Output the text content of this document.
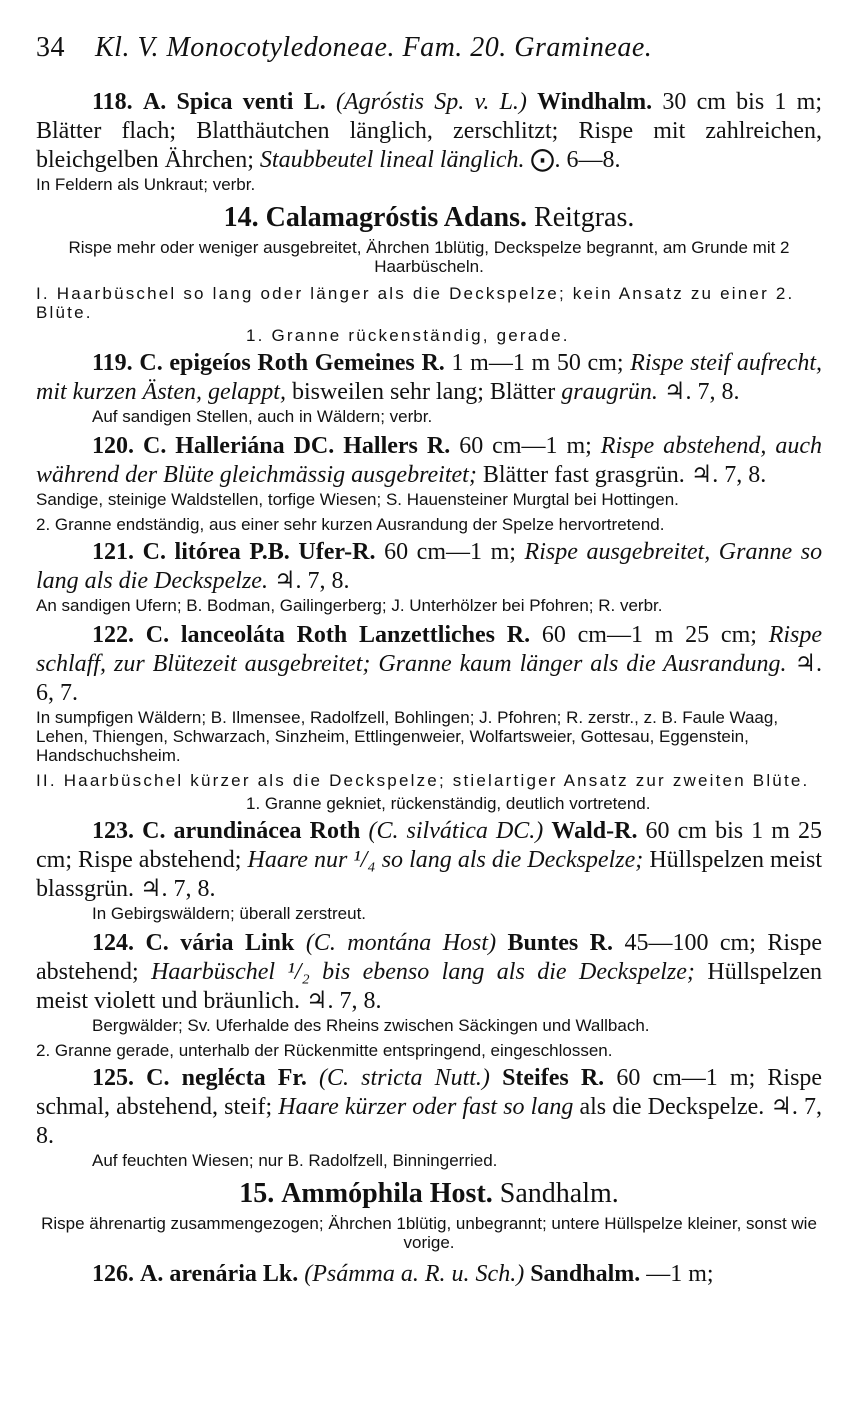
34 Kl. V. Monocotyledoneae. Fam. 20. Gramineae.

118. A. Spica venti L. (Agróstis Sp. v. L.) Windhalm. 30 cm bis 1 m; Blätter flach; Blatthäutchen länglich, zerschlitzt; Rispe mit zahlreichen, bleichgelben Ährchen; Staubbeutel lineal länglich. ⨀. 6—8.

In Feldern als Unkraut; verbr.

14. Calamagróstis Adans. Reitgras.

Rispe mehr oder weniger ausgebreitet, Ährchen 1blütig, Deckspelze begrannt, am Grunde mit 2 Haarbüscheln.

I. Haarbüschel so lang oder länger als die Deckspelze; kein Ansatz zu einer 2. Blüte.

1. Granne rückenständig, gerade.

119. C. epigeíos Roth Gemeines R. 1 m—1 m 50 cm; Rispe steif aufrecht, mit kurzen Ästen, gelappt, bisweilen sehr lang; Blätter graugrün. ♃. 7, 8.

Auf sandigen Stellen, auch in Wäldern; verbr.

120. C. Halleriána DC. Hallers R. 60 cm—1 m; Rispe abstehend, auch während der Blüte gleichmässig ausgebreitet; Blätter fast grasgrün. ♃. 7, 8.

Sandige, steinige Waldstellen, torfige Wiesen; S. Hauensteiner Murgtal bei Hottingen.

2. Granne endständig, aus einer sehr kurzen Ausrandung der Spelze hervortretend.

121. C. litórea P.B. Ufer-R. 60 cm—1 m; Rispe ausgebreitet, Granne so lang als die Deckspelze. ♃. 7, 8.

An sandigen Ufern; B. Bodman, Gailingerberg; J. Unterhölzer bei Pfohren; R. verbr.

122. C. lanceoláta Roth Lanzettliches R. 60 cm—1 m 25 cm; Rispe schlaff, zur Blütezeit ausgebreitet; Granne kaum länger als die Ausrandung. ♃. 6, 7.

In sumpfigen Wäldern; B. Ilmensee, Radolfzell, Bohlingen; J. Pfohren; R. zerstr., z. B. Faule Waag, Lehen, Thiengen, Schwarzach, Sinzheim, Ettlingenweier, Wolfartsweier, Gottesau, Eggenstein, Handschuchsheim.

II. Haarbüschel kürzer als die Deckspelze; stielartiger Ansatz zur zweiten Blüte.

1. Granne gekniet, rückenständig, deutlich vortretend.

123. C. arundinácea Roth (C. silvática DC.) Wald-R. 60 cm bis 1 m 25 cm; Rispe abstehend; Haare nur ¹/₄ so lang als die Deckspelze; Hüllspelzen meist blassgrün. ♃. 7, 8.

In Gebirgswäldern; überall zerstreut.

124. C. vária Link (C. montána Host) Buntes R. 45—100 cm; Rispe abstehend; Haarbüschel ¹/₂ bis ebenso lang als die Deckspelze; Hüllspelzen meist violett und bräunlich. ♃. 7, 8.

Bergwälder; Sv. Uferhalde des Rheins zwischen Säckingen und Wallbach.

2. Granne gerade, unterhalb der Rückenmitte entspringend, eingeschlossen.

125. C. neglécta Fr. (C. stricta Nutt.) Steifes R. 60 cm—1 m; Rispe schmal, abstehend, steif; Haare kürzer oder fast so lang als die Deckspelze. ♃. 7, 8.

Auf feuchten Wiesen; nur B. Radolfzell, Binningerried.

15. Ammóphila Host. Sandhalm.

Rispe ährenartig zusammengezogen; Ährchen 1blütig, unbegrannt; untere Hüllspelze kleiner, sonst wie vorige.

126. A. arenária Lk. (Psámma a. R. u. Sch.) Sandhalm. —1 m;
